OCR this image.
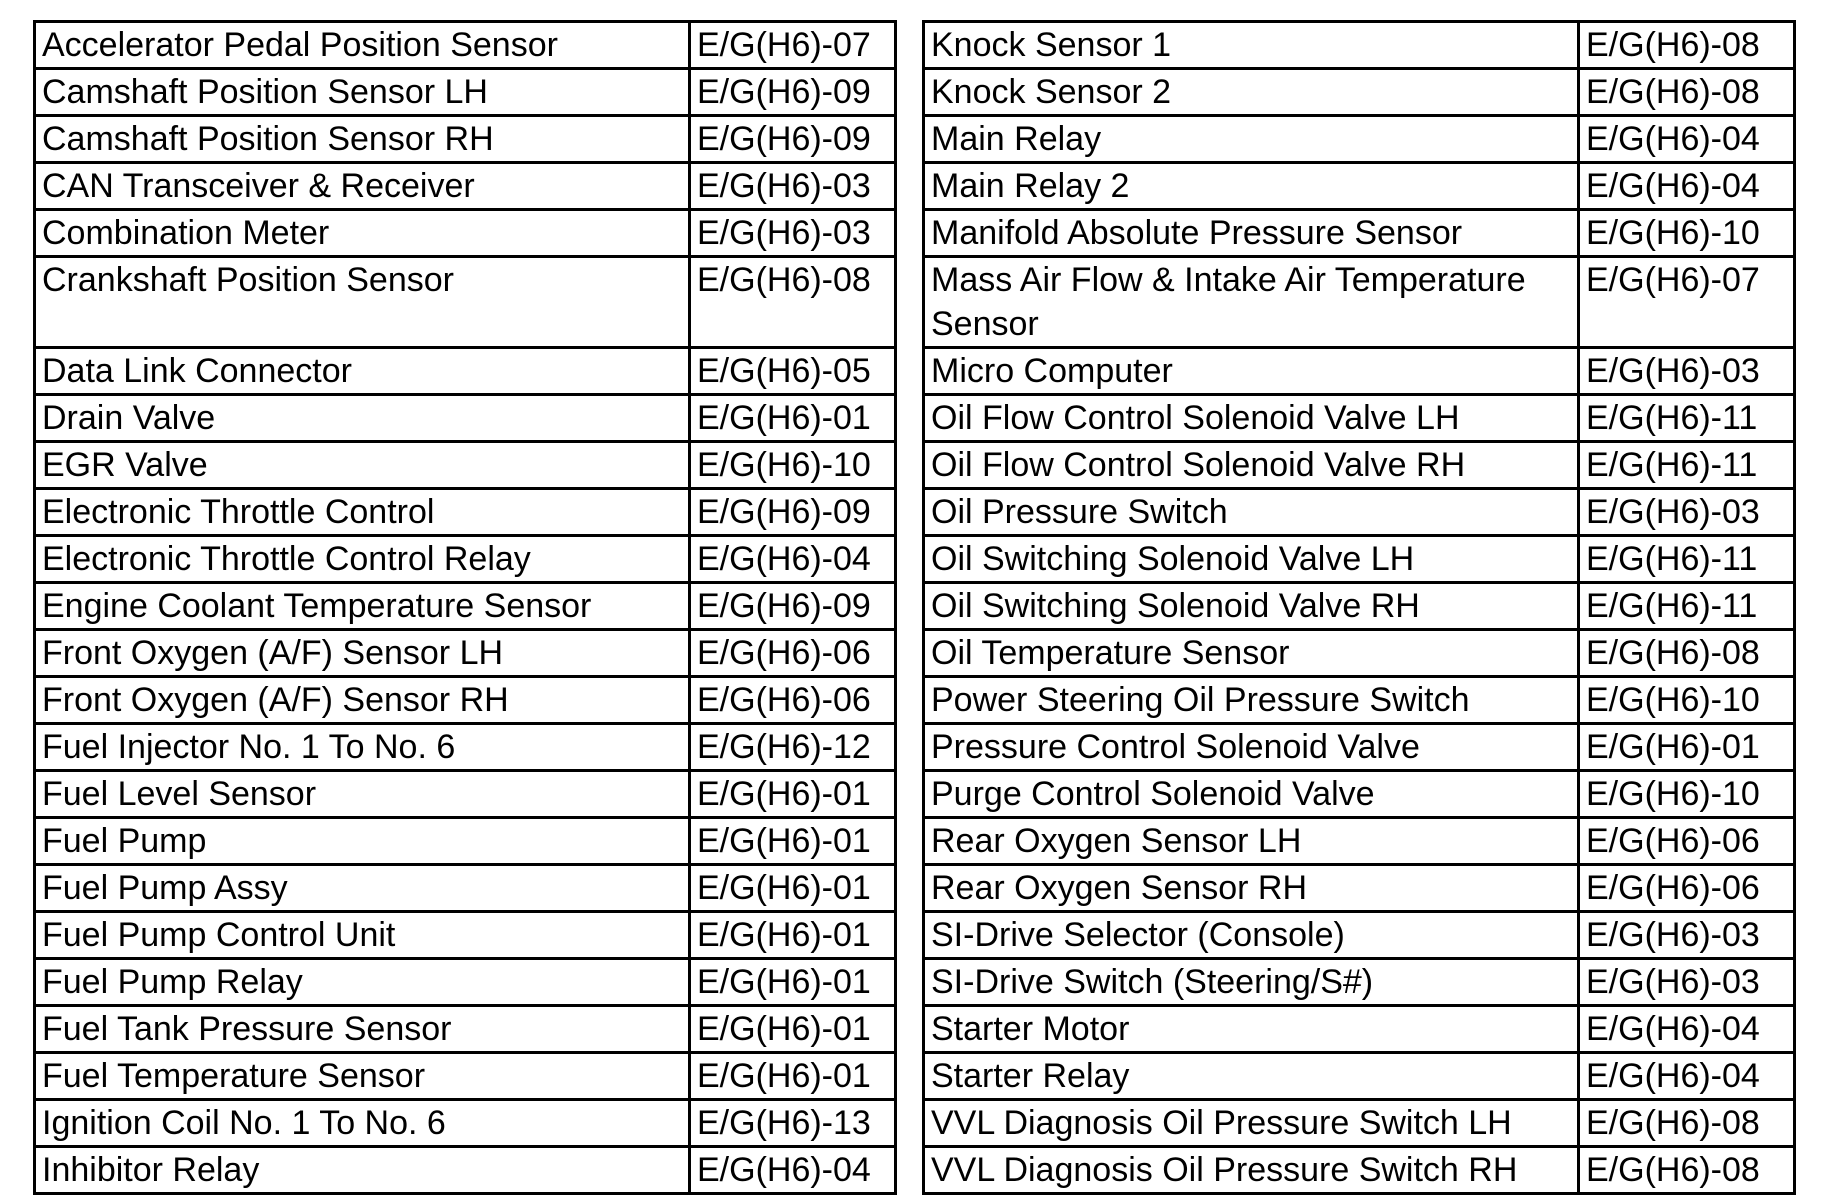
Accelerator Pedal Position Sensor	E/G(H6)-07		Knock Sensor 1	E/G(H6)-08
Camshaft Position Sensor LH	E/G(H6)-09		Knock Sensor 2	E/G(H6)-08
Camshaft Position Sensor RH	E/G(H6)-09		Main Relay	E/G(H6)-04
CAN Transceiver & Receiver	E/G(H6)-03		Main Relay 2	E/G(H6)-04
Combination Meter	E/G(H6)-03		Manifold Absolute Pressure Sensor	E/G(H6)-10
Crankshaft Position Sensor	E/G(H6)-08		Mass Air Flow & Intake Air Temperature Sensor	E/G(H6)-07
Data Link Connector	E/G(H6)-05		Micro Computer	E/G(H6)-03
Drain Valve	E/G(H6)-01		Oil Flow Control Solenoid Valve LH	E/G(H6)-11
EGR Valve	E/G(H6)-10		Oil Flow Control Solenoid Valve RH	E/G(H6)-11
Electronic Throttle Control	E/G(H6)-09		Oil Pressure Switch	E/G(H6)-03
Electronic Throttle Control Relay	E/G(H6)-04		Oil Switching Solenoid Valve LH	E/G(H6)-11
Engine Coolant Temperature Sensor	E/G(H6)-09		Oil Switching Solenoid Valve RH	E/G(H6)-11
Front Oxygen (A/F) Sensor LH	E/G(H6)-06		Oil Temperature Sensor	E/G(H6)-08
Front Oxygen (A/F) Sensor RH	E/G(H6)-06		Power Steering Oil Pressure Switch	E/G(H6)-10
Fuel Injector No. 1 To No. 6	E/G(H6)-12		Pressure Control Solenoid Valve	E/G(H6)-01
Fuel Level Sensor	E/G(H6)-01		Purge Control Solenoid Valve	E/G(H6)-10
Fuel Pump	E/G(H6)-01		Rear Oxygen Sensor LH	E/G(H6)-06
Fuel Pump Assy	E/G(H6)-01		Rear Oxygen Sensor RH	E/G(H6)-06
Fuel Pump Control Unit	E/G(H6)-01		SI-Drive Selector (Console)	E/G(H6)-03
Fuel Pump Relay	E/G(H6)-01		SI-Drive Switch (Steering/S#)	E/G(H6)-03
Fuel Tank Pressure Sensor	E/G(H6)-01		Starter Motor	E/G(H6)-04
Fuel Temperature Sensor	E/G(H6)-01		Starter Relay	E/G(H6)-04
Ignition Coil No. 1 To No. 6	E/G(H6)-13		VVL Diagnosis Oil Pressure Switch LH	E/G(H6)-08
Inhibitor Relay	E/G(H6)-04		VVL Diagnosis Oil Pressure Switch RH	E/G(H6)-08
